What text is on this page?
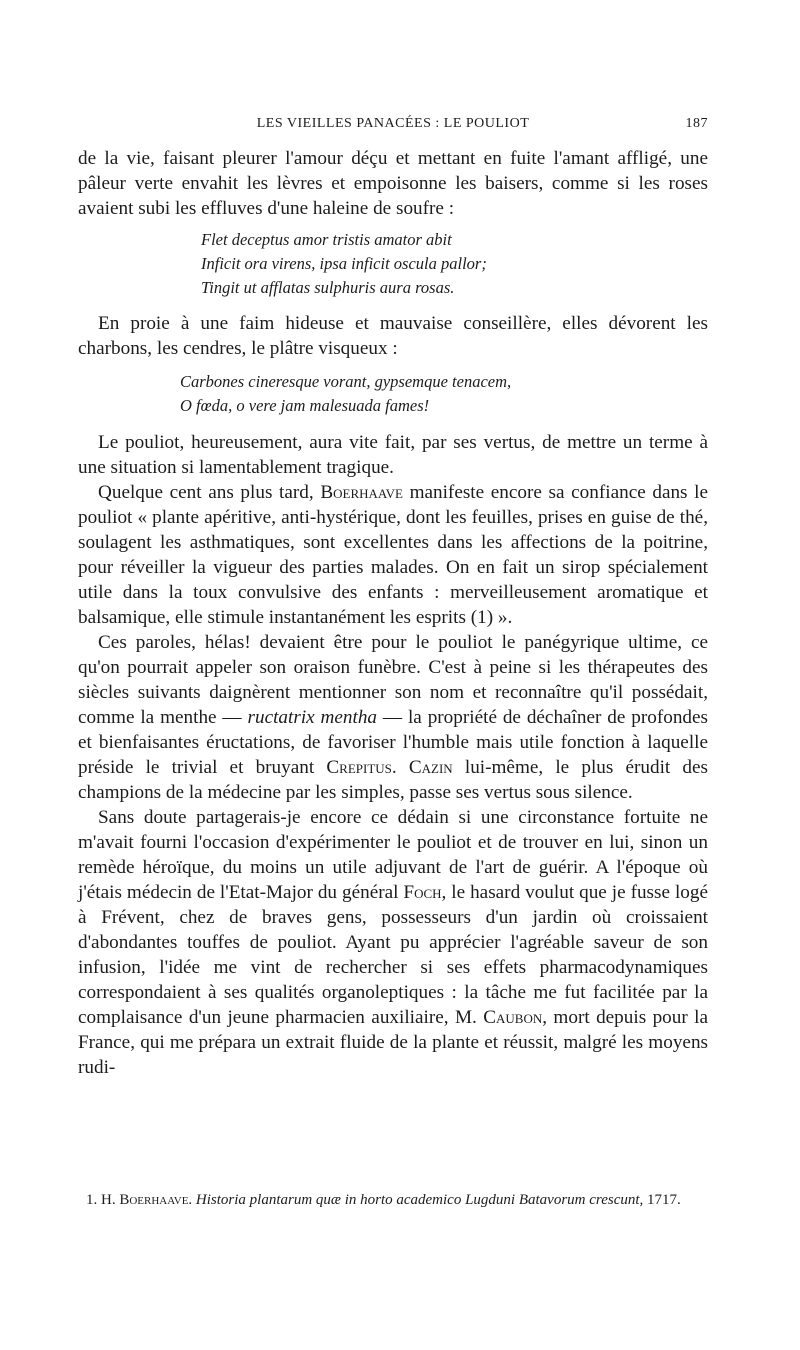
LES VIEILLES PANACÉES : LE POULIOT	187

de la vie, faisant pleurer l'amour déçu et mettant en fuite l'amant affligé, une pâleur verte envahit les lèvres et empoisonne les baisers, comme si les roses avaient subi les effluves d'une haleine de soufre :

Flet deceptus amor tristis amator abit
Inficit ora virens, ipsa inficit oscula pallor;
Tingit ut afflatas sulphuris aura rosas.

En proie à une faim hideuse et mauvaise conseillère, elles dévorent les charbons, les cendres, le plâtre visqueux :

Carbones cineresque vorant, gypsemque tenacem,
O fœda, o vere jam malesuada fames!

Le pouliot, heureusement, aura vite fait, par ses vertus, de mettre un terme à une situation si lamentablement tragique.

Quelque cent ans plus tard, Boerhaave manifeste encore sa confiance dans le pouliot « plante apéritive, anti-hystérique, dont les feuilles, prises en guise de thé, soulagent les asthmatiques, sont excellentes dans les affections de la poitrine, pour réveiller la vigueur des parties malades. On en fait un sirop spécialement utile dans la toux convulsive des enfants : merveilleusement aromatique et balsamique, elle stimule instantanément les esprits (1) ».

Ces paroles, hélas! devaient être pour le pouliot le panégyrique ultime, ce qu'on pourrait appeler son oraison funèbre. C'est à peine si les thérapeutes des siècles suivants daignèrent mentionner son nom et reconnaître qu'il possédait, comme la menthe — ructatrix mentha — la propriété de déchaîner de profondes et bienfaisantes éructations, de favoriser l'humble mais utile fonction à laquelle préside le trivial et bruyant Crepitus. Cazin lui-même, le plus érudit des champions de la médecine par les simples, passe ses vertus sous silence.

Sans doute partagerais-je encore ce dédain si une circonstance fortuite ne m'avait fourni l'occasion d'expérimenter le pouliot et de trouver en lui, sinon un remède héroïque, du moins un utile adjuvant de l'art de guérir. A l'époque où j'étais médecin de l'Etat-Major du général Foch, le hasard voulut que je fusse logé à Frévent, chez de braves gens, possesseurs d'un jardin où croissaient d'abondantes touffes de pouliot. Ayant pu apprécier l'agréable saveur de son infusion, l'idée me vint de rechercher si ses effets pharmacodynamiques correspondaient à ses qualités organoleptiques : la tâche me fut facilitée par la complaisance d'un jeune pharmacien auxiliaire, M. Caubon, mort depuis pour la France, qui me prépara un extrait fluide de la plante et réussit, malgré les moyens rudi-

1. H. Boerhaave. Historia plantarum quæ in horto academico Lugduni Batavorum crescunt, 1717.
